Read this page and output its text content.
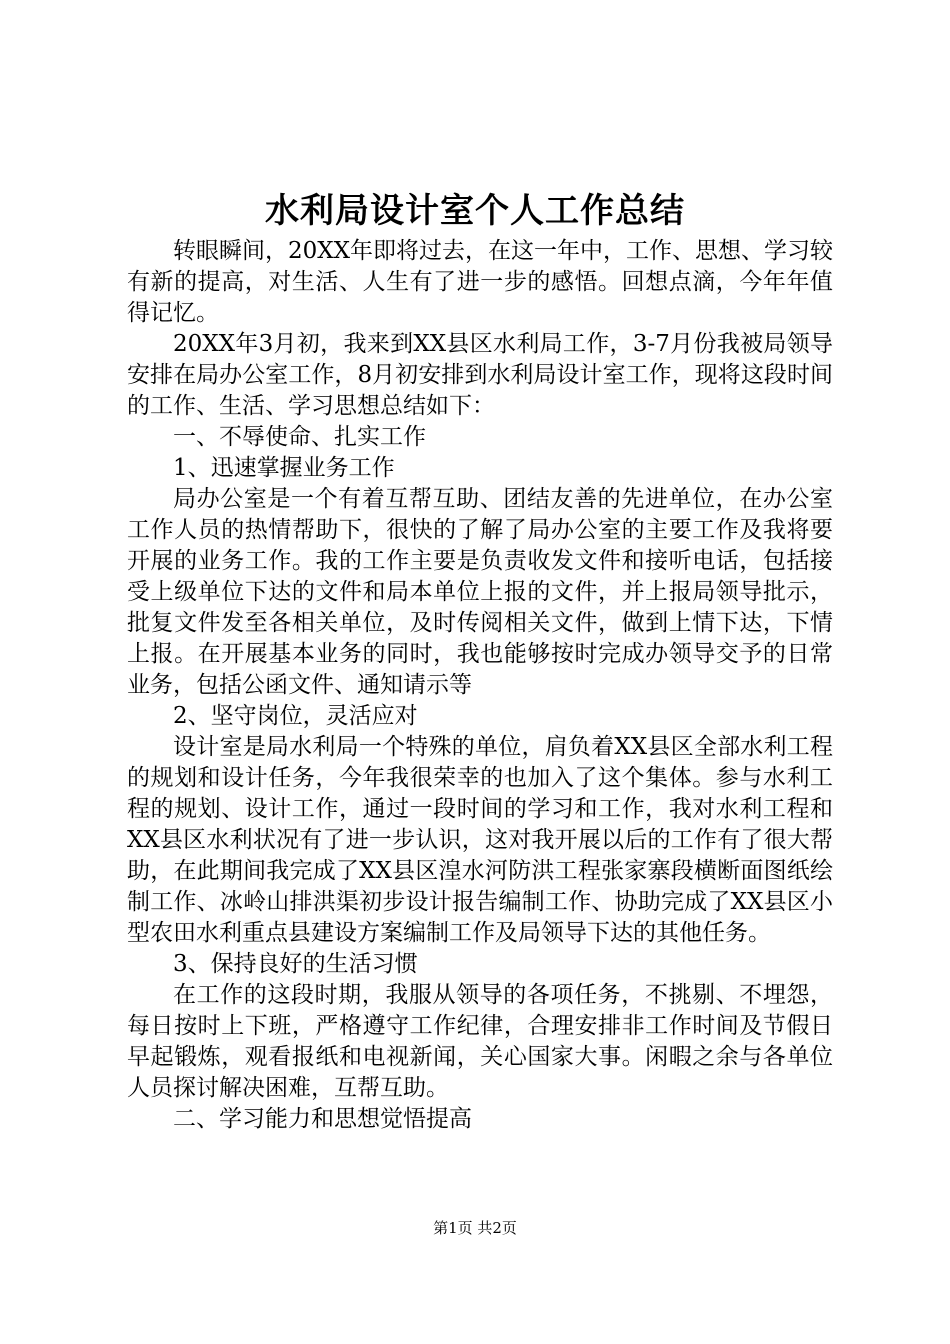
水利局设计室个人工作总结

转眼瞬间，20XX年即将过去，在这一年中，工作、思想、学习较有新的提高，对生活、人生有了进一步的感悟。回想点滴，今年年值得记忆。

20XX年3月初，我来到XX县区水利局工作，3-7月份我被局领导安排在局办公室工作，8月初安排到水利局设计室工作，现将这段时间的工作、生活、学习思想总结如下：

一、不辱使命、扎实工作

1、迅速掌握业务工作

局办公室是一个有着互帮互助、团结友善的先进单位，在办公室工作人员的热情帮助下，很快的了解了局办公室的主要工作及我将要开展的业务工作。我的工作主要是负责收发文件和接听电话，包括接受上级单位下达的文件和局本单位上报的文件，并上报局领导批示，批复文件发至各相关单位，及时传阅相关文件，做到上情下达，下情上报。在开展基本业务的同时，我也能够按时完成办领导交予的日常业务，包括公函文件、通知请示等

2、坚守岗位，灵活应对

设计室是局水利局一个特殊的单位，肩负着XX县区全部水利工程的规划和设计任务，今年我很荣幸的也加入了这个集体。参与水利工程的规划、设计工作，通过一段时间的学习和工作，我对水利工程和XX县区水利状况有了进一步认识，这对我开展以后的工作有了很大帮助，在此期间我完成了XX县区湟水河防洪工程张家寨段横断面图纸绘制工作、冰岭山排洪渠初步设计报告编制工作、协助完成了XX县区小型农田水利重点县建设方案编制工作及局领导下达的其他任务。

3、保持良好的生活习惯

在工作的这段时期，我服从领导的各项任务，不挑剔、不埋怨，每日按时上下班，严格遵守工作纪律，合理安排非工作时间及节假日早起锻炼，观看报纸和电视新闻，关心国家大事。闲暇之余与各单位人员探讨解决困难，互帮互助。

二、学习能力和思想觉悟提高

第1页 共2页
